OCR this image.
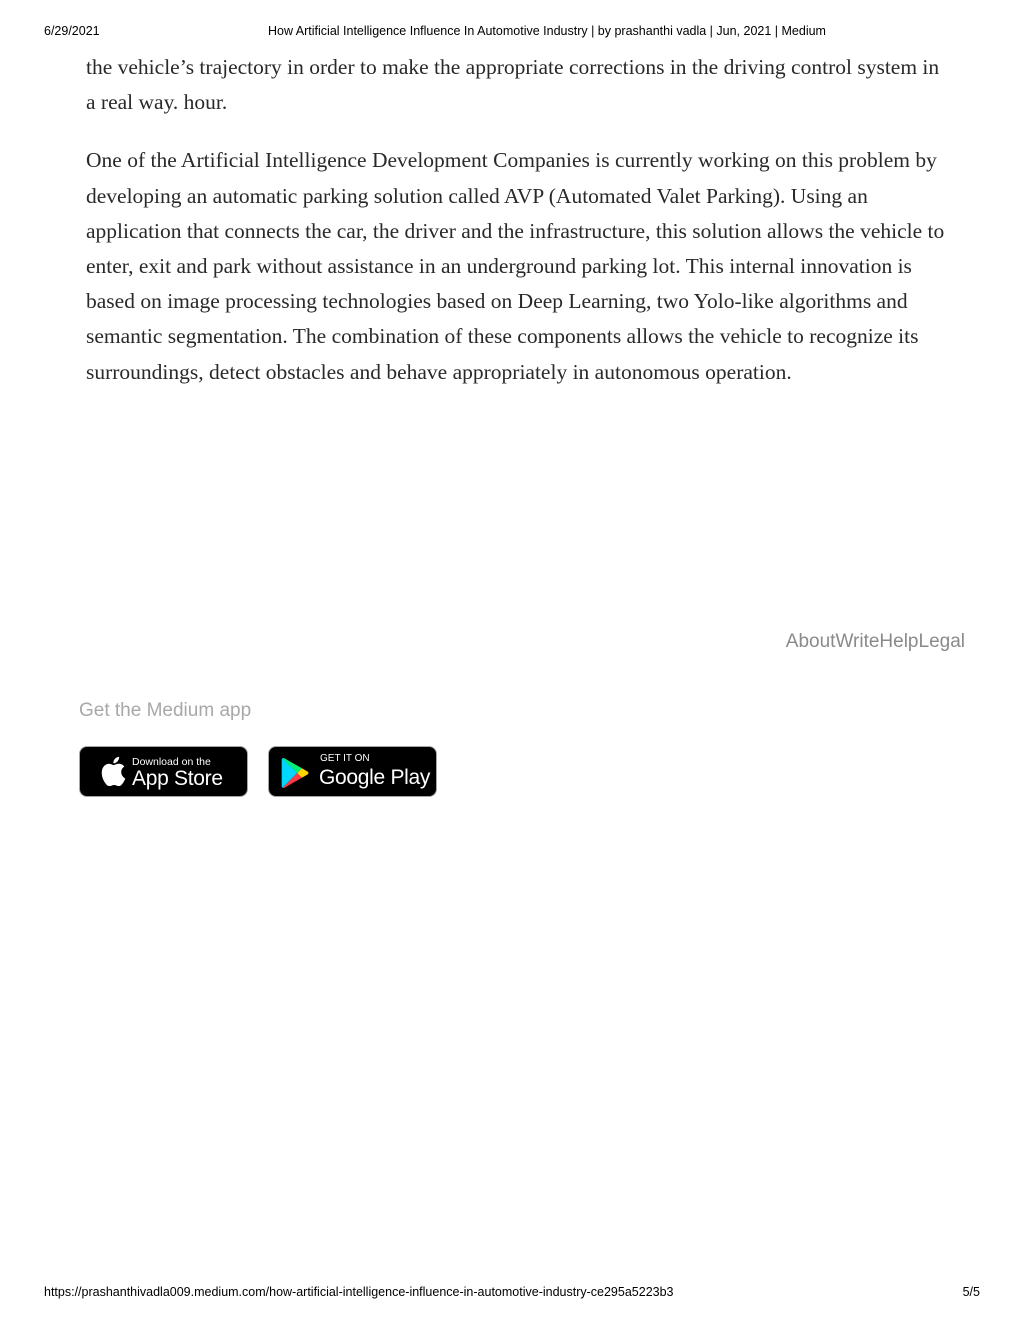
6/29/2021	How Artificial Intelligence Influence In Automotive Industry | by prashanthi vadla | Jun, 2021 | Medium

the vehicle’s trajectory in order to make the appropriate corrections in the driving control system in a real way. hour.

One of the Artificial Intelligence Development Companies is currently working on this problem by developing an automatic parking solution called AVP (Automated Valet Parking). Using an application that connects the car, the driver and the infrastructure, this solution allows the vehicle to enter, exit and park without assistance in an underground parking lot. This internal innovation is based on image processing technologies based on Deep Learning, two Yolo-like algorithms and semantic segmentation. The combination of these components allows the vehicle to recognize its surroundings, detect obstacles and behave appropriately in autonomous operation.

About Write Help Legal
Get the Medium app
Download on the
App Store
GET IT ON
Google Play
https://prashanthivadla009.medium.com/how-artificial-intelligence-influence-in-automotive-industry-ce295a5223b3	5/5
